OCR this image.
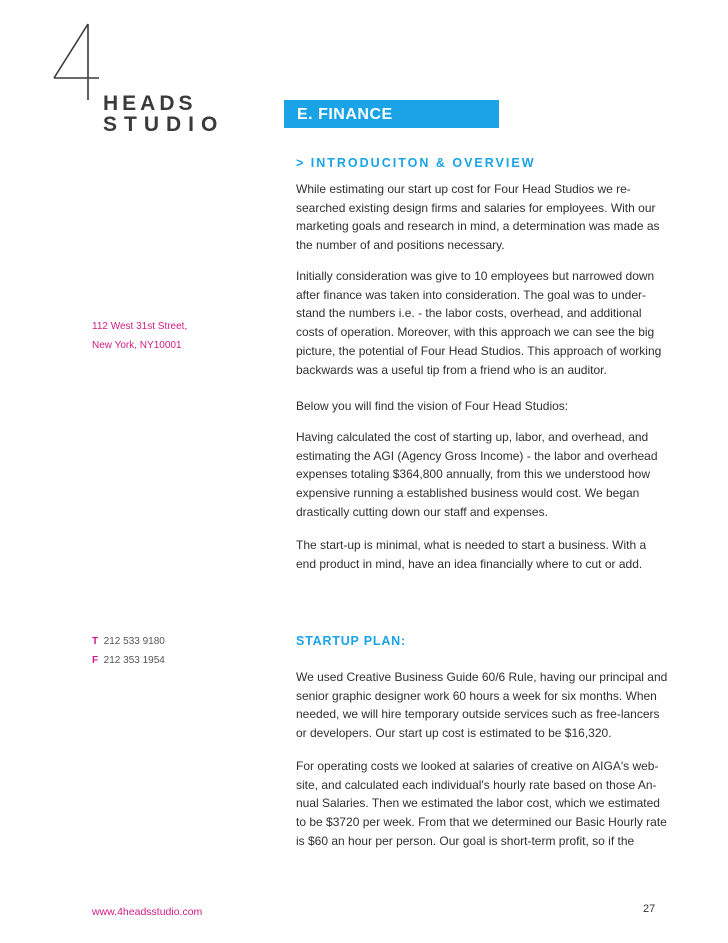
HEADS
STUDIO	E. FINANCE
112 West 31st Street,
New York, NY10001
T 212 533 9180
F 212 353 1954
> INTRODUCITON & OVERVIEW
While estimating our start up cost for Four Head Studios we re-searched existing design firms and salaries for employees. With our marketing goals and research in mind, a determination was made as the number of and positions necessary.
Initially consideration was give to 10 employees but narrowed down after finance was taken into consideration. The goal was to under-stand the numbers i.e. - the labor costs, overhead, and additional costs of operation. Moreover, with this approach we can see the big picture, the potential of Four Head Studios. This approach of working backwards was a useful tip from a friend who is an auditor.
Below you will find the vision of Four Head Studios:
Having calculated the cost of starting up, labor, and overhead, and estimating the AGI (Agency Gross Income) - the labor and overhead expenses totaling $364,800 annually, from this we understood how expensive running a established business would cost. We began drastically cutting down our staff and expenses.
The start-up is minimal, what is needed to start a business. With a end product in mind, have an idea financially where to cut or add.
STARTUP PLAN:
We used Creative Business Guide 60/6 Rule, having our principal and senior graphic designer work 60 hours a week for six months. When needed, we will hire temporary outside services such as free-lancers or developers. Our start up cost is estimated to be $16,320.
For operating costs we looked at salaries of creative on AIGA's web-site, and calculated each individual's hourly rate based on those An-nual Salaries. Then we estimated the labor cost, which we estimated to be $3720 per week. From that we determined our Basic Hourly rate is $60 an hour per person. Our goal is short-term profit, so if the
www.4headsstudio.com	27
